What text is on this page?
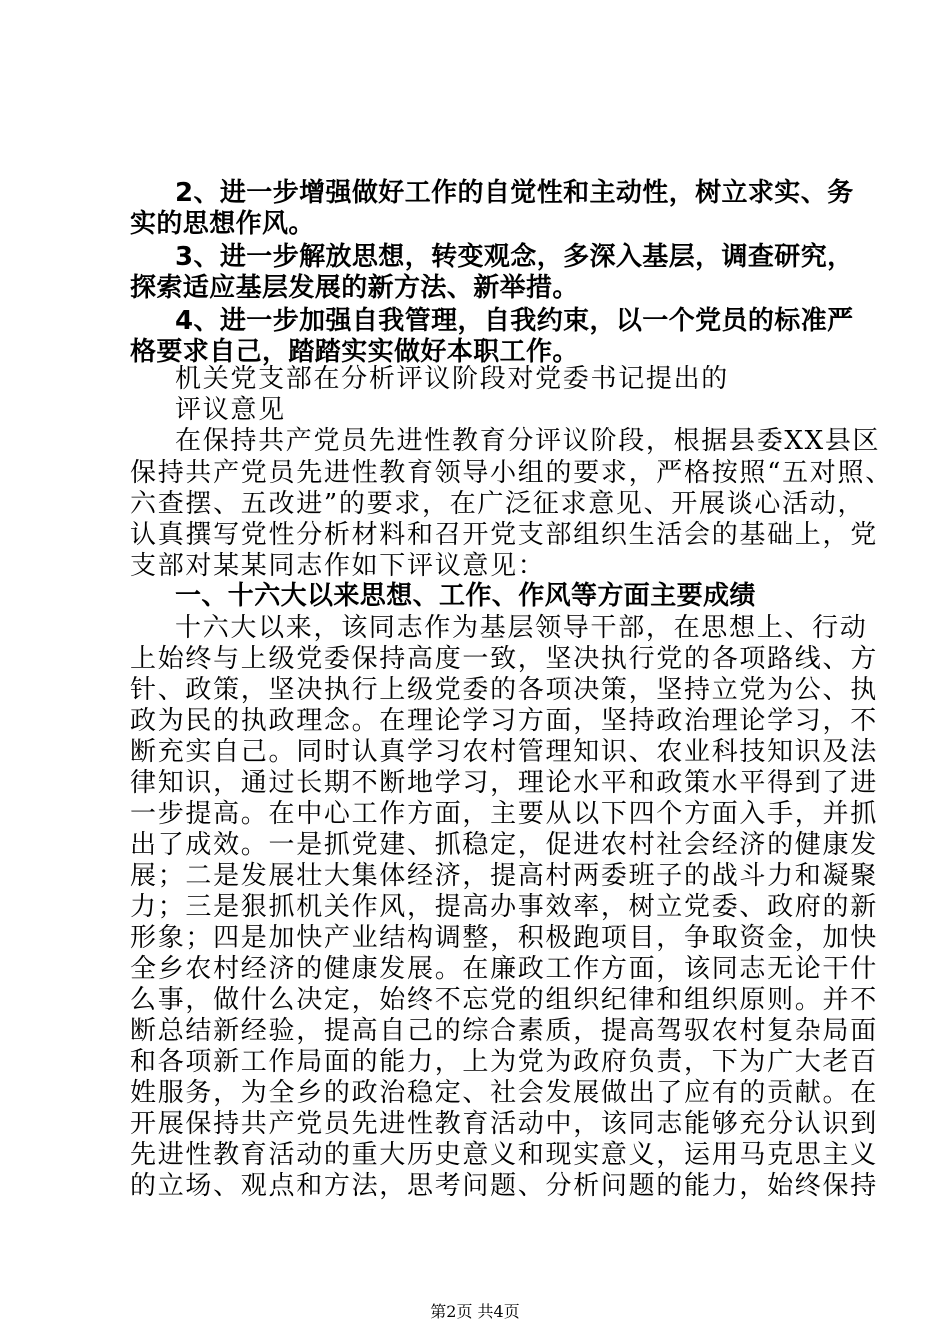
2、进一步增强做好工作的自觉性和主动性，树立求实、务
实的思想作风。
3、进一步解放思想，转变观念，多深入基层，调查研究，
探索适应基层发展的新方法、新举措。
4、进一步加强自我管理，自我约束，以一个党员的标准严
格要求自己，踏踏实实做好本职工作。
机关党支部在分析评议阶段对党委书记提出的
评议意见
在保持共产党员先进性教育分评议阶段，根据县委XX县区
保持共产党员先进性教育领导小组的要求，严格按照“五对照、
六查摆、五改进”的要求，在广泛征求意见、开展谈心活动，
认真撰写党性分析材料和召开党支部组织生活会的基础上，党
支部对某某同志作如下评议意见：
一、十六大以来思想、工作、作风等方面主要成绩
十六大以来，该同志作为基层领导干部，在思想上、行动
上始终与上级党委保持高度一致，坚决执行党的各项路线、方
针、政策，坚决执行上级党委的各项决策，坚持立党为公、执
政为民的执政理念。在理论学习方面，坚持政治理论学习，不
断充实自己。同时认真学习农村管理知识、农业科技知识及法
律知识，通过长期不断地学习，理论水平和政策水平得到了进
一步提高。在中心工作方面，主要从以下四个方面入手，并抓
出了成效。一是抓党建、抓稳定，促进农村社会经济的健康发
展；二是发展壮大集体经济，提高村两委班子的战斗力和凝聚
力；三是狠抓机关作风，提高办事效率，树立党委、政府的新
形象；四是加快产业结构调整，积极跑项目，争取资金，加快
全乡农村经济的健康发展。在廉政工作方面，该同志无论干什
么事，做什么决定，始终不忘党的组织纪律和组织原则。并不
断总结新经验，提高自己的综合素质，提高驾驭农村复杂局面
和各项新工作局面的能力，上为党为政府负责，下为广大老百
姓服务，为全乡的政治稳定、社会发展做出了应有的贡献。在
开展保持共产党员先进性教育活动中，该同志能够充分认识到
先进性教育活动的重大历史意义和现实意义，运用马克思主义
的立场、观点和方法，思考问题、分析问题的能力，始终保持
第2页 共4页
